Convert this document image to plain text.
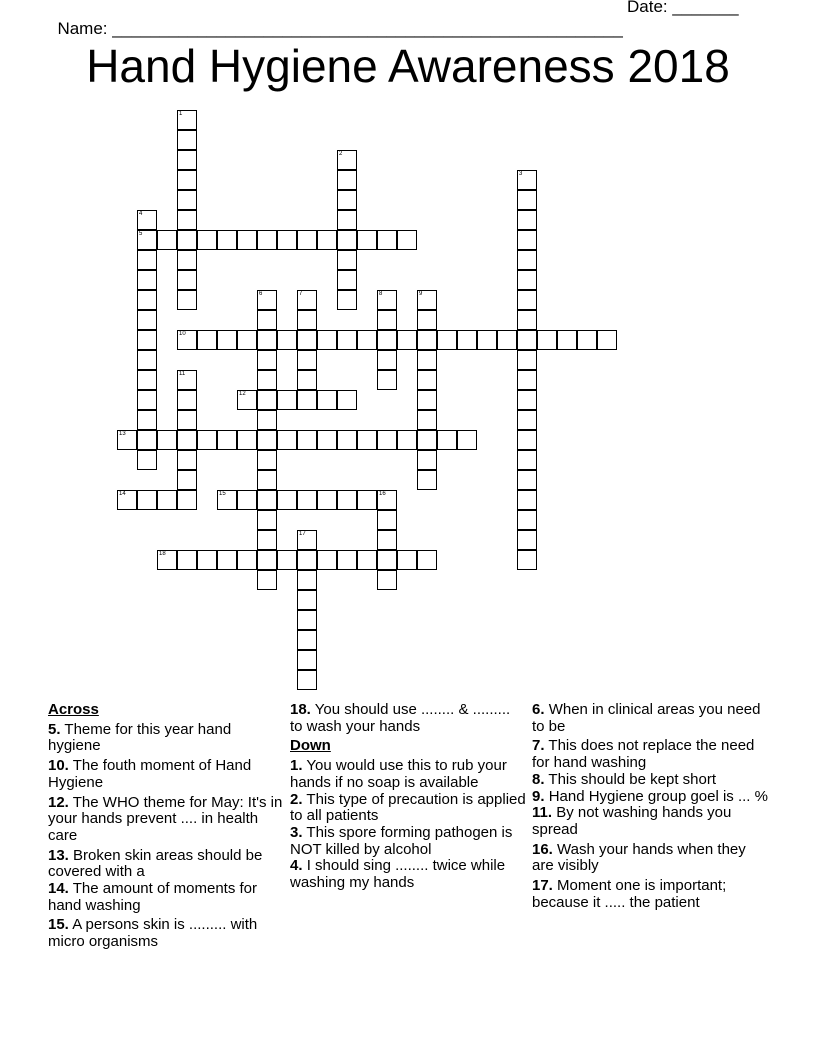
Name: ______________________________________________________

Date: _______

Hand Hygiene Awareness 2018
1
2
3
4
5
6	7	8	9
10
11
12
13
14	15	16
17
18
Across
5. Theme for this year hand hygiene
10. The fouth moment of Hand Hygiene
12. The WHO theme for May: It's in your hands prevent .... in health care
13. Broken skin areas should be covered with a
14. The amount of moments for hand washing
15. A persons skin is ......... with micro organisms
18. You should use ........ & ......... to wash your hands
Down
1. You would use this to rub your hands if no soap is available
2. This type of precaution is applied to all patients
3. This spore forming pathogen is NOT killed by alcohol
4. I should sing ........ twice while washing my hands
6. When in clinical areas you need to be
7. This does not replace the need for hand washing
8. This should be kept short
9. Hand Hygiene group goel is ... %
11. By not washing hands you spread
16. Wash your hands when they are visibly
17. Moment one is important; because it ..... the patient
